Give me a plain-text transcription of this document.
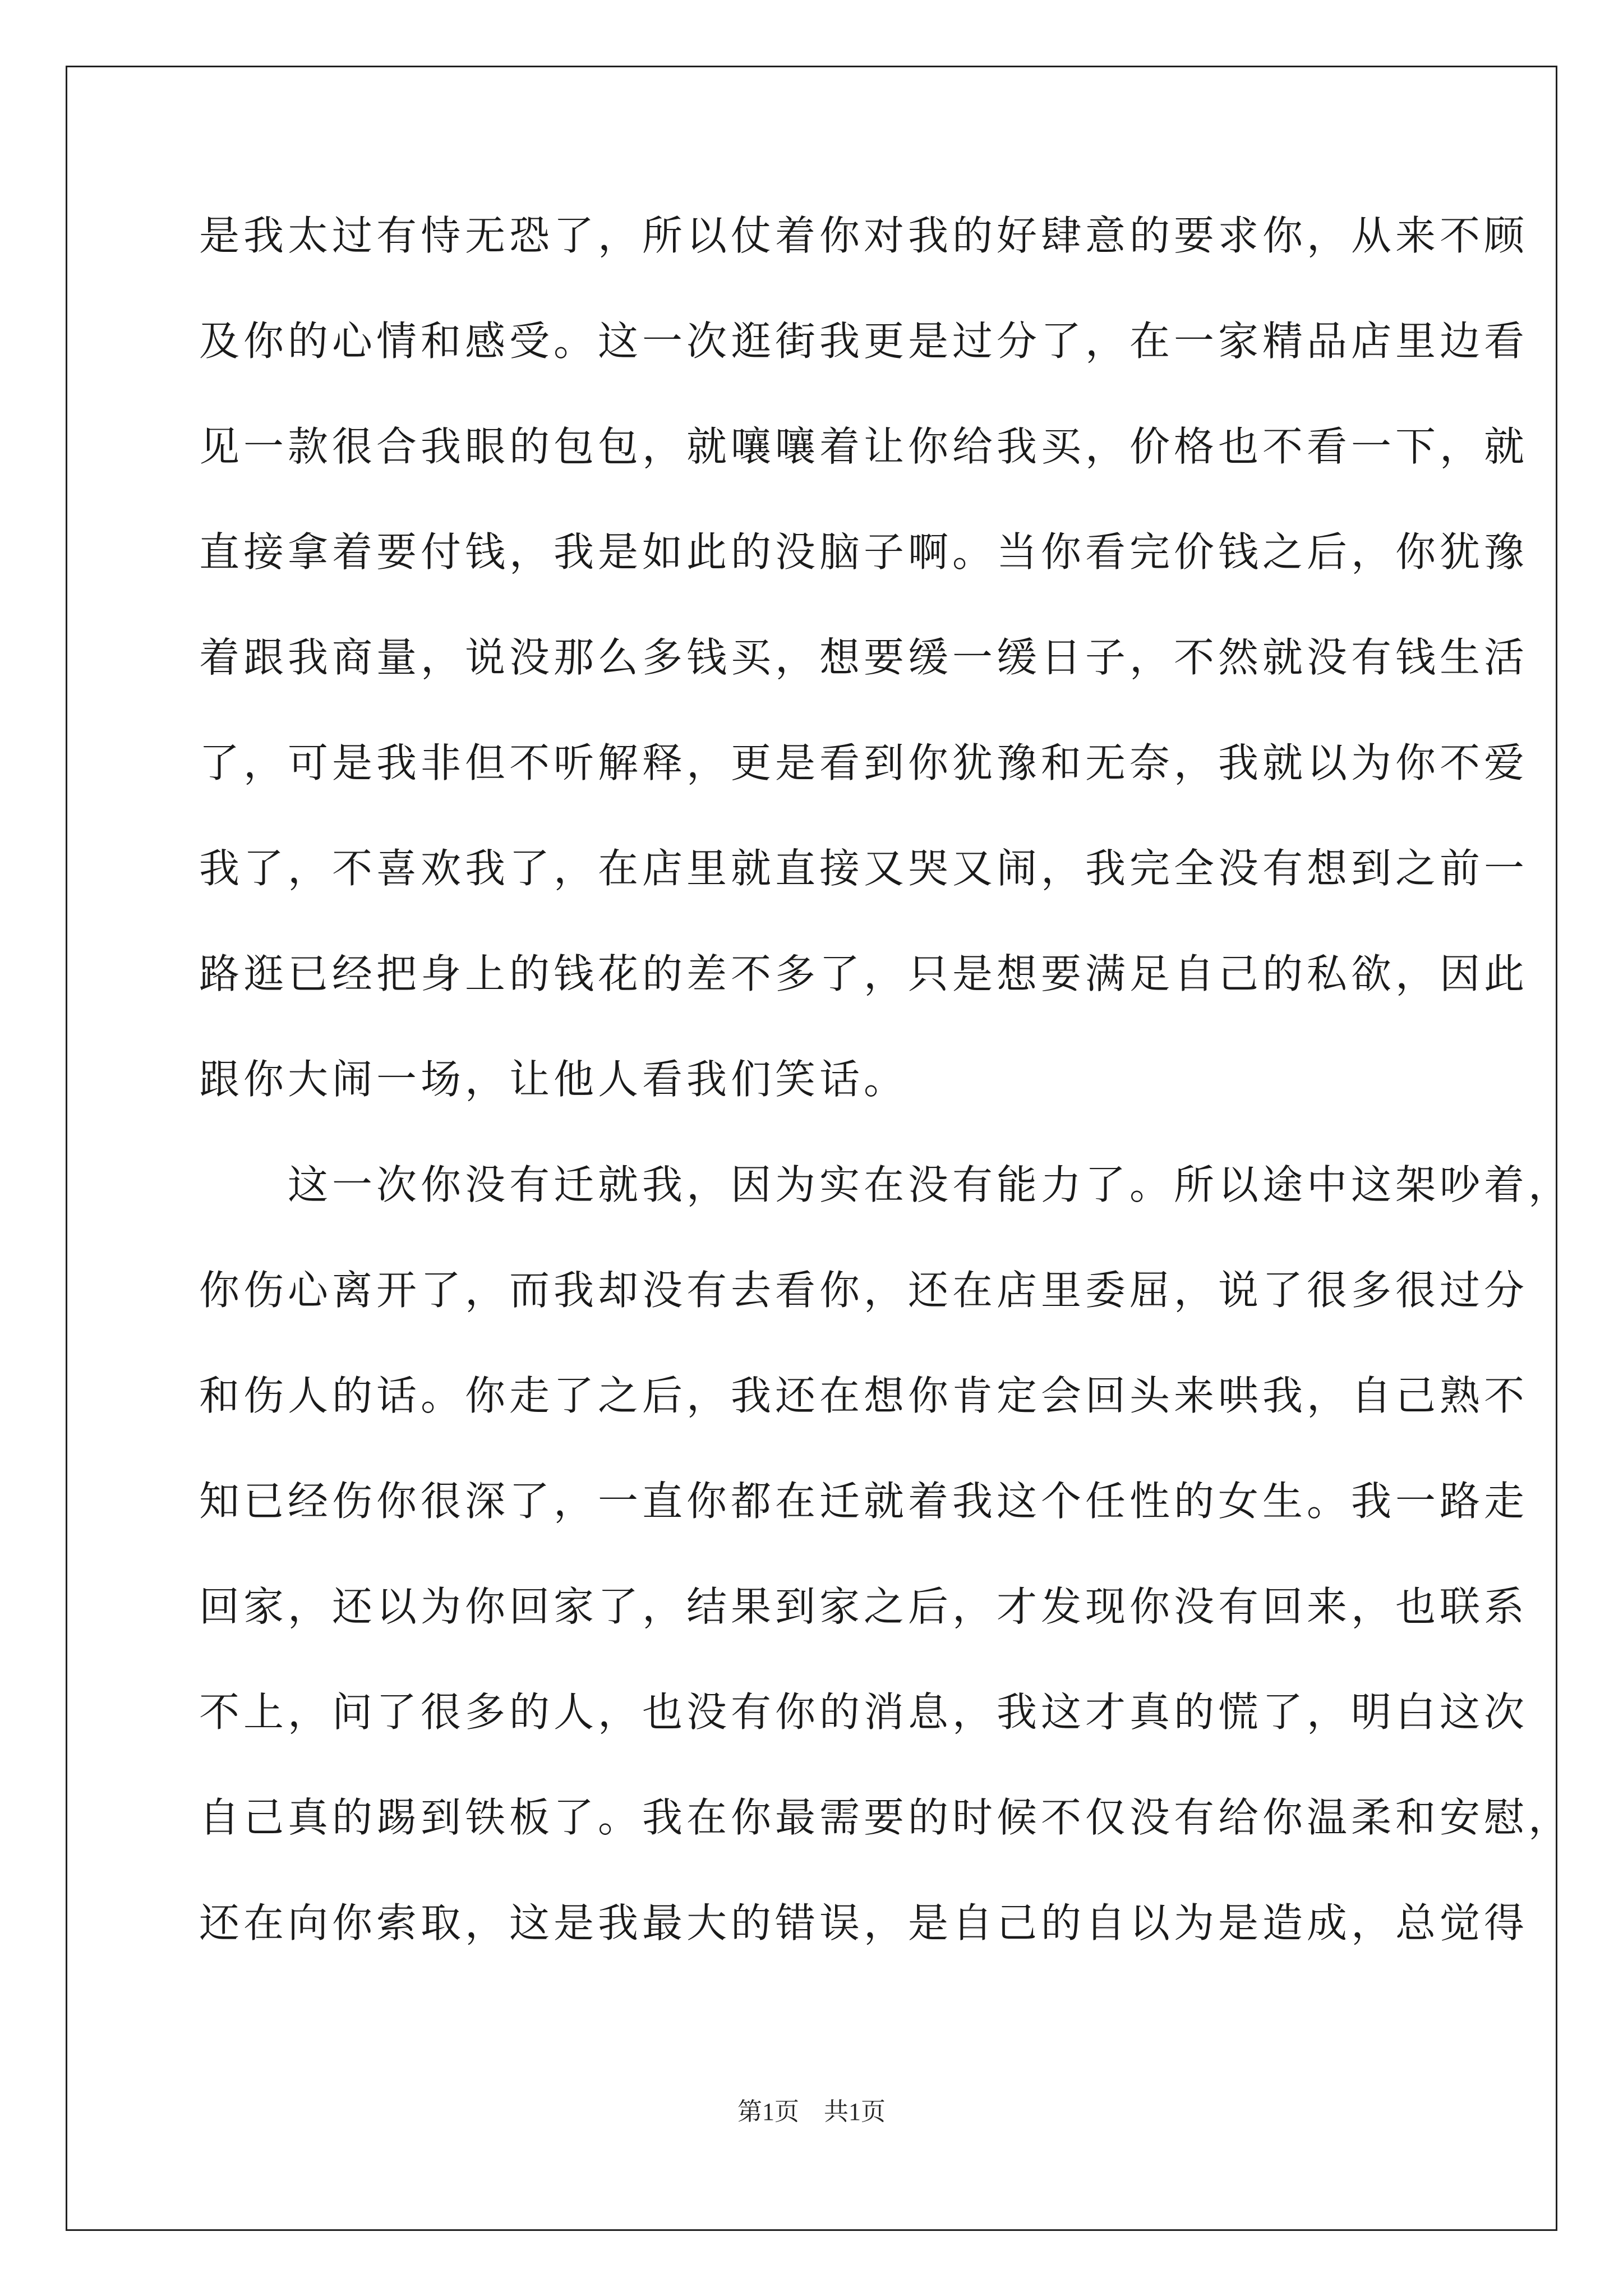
是我太过有恃无恐了，所以仗着你对我的好肆意的要求你，从来不顾
及你的心情和感受。这一次逛街我更是过分了，在一家精品店里边看
见一款很合我眼的包包，就嚷嚷着让你给我买，价格也不看一下，就
直接拿着要付钱，我是如此的没脑子啊。当你看完价钱之后，你犹豫
着跟我商量，说没那么多钱买，想要缓一缓日子，不然就没有钱生活
了，可是我非但不听解释，更是看到你犹豫和无奈，我就以为你不爱
我了，不喜欢我了，在店里就直接又哭又闹，我完全没有想到之前一
路逛已经把身上的钱花的差不多了，只是想要满足自己的私欲，因此
跟你大闹一场，让他人看我们笑话。
　　这一次你没有迁就我，因为实在没有能力了。所以途中这架吵着，
你伤心离开了，而我却没有去看你，还在店里委屈，说了很多很过分
和伤人的话。你走了之后，我还在想你肯定会回头来哄我，自己熟不
知已经伤你很深了，一直你都在迁就着我这个任性的女生。我一路走
回家，还以为你回家了，结果到家之后，才发现你没有回来，也联系
不上，问了很多的人，也没有你的消息，我这才真的慌了，明白这次
自己真的踢到铁板了。我在你最需要的时候不仅没有给你温柔和安慰，
还在向你索取，这是我最大的错误，是自己的自以为是造成，总觉得
第1页　共1页
